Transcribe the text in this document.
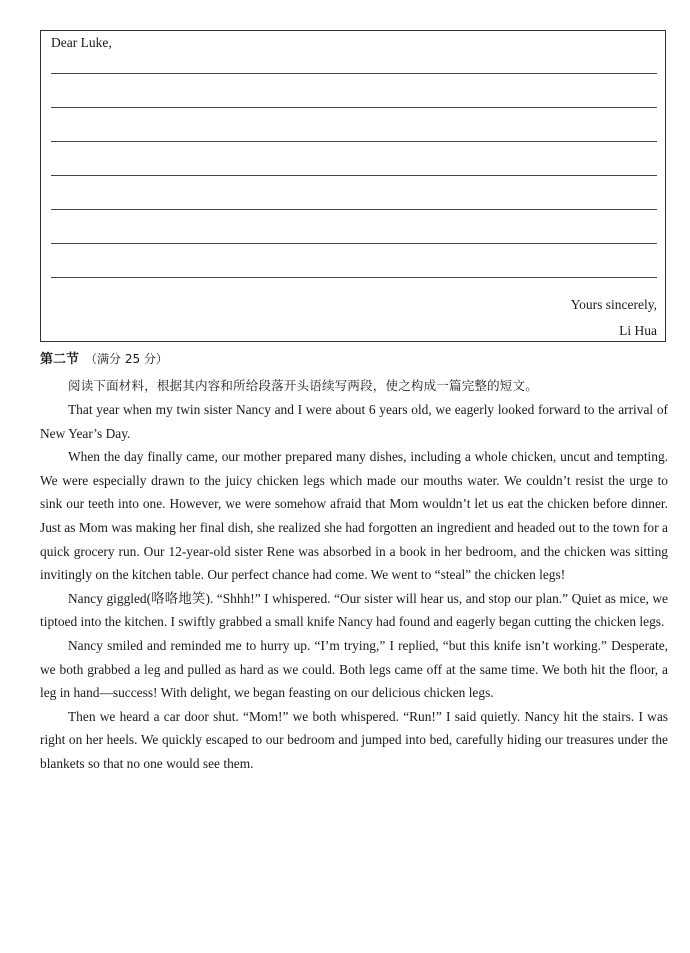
Dear Luke,
Yours sincerely,
Li Hua
第二节 （满分 25 分）
阅读下面材料，根据其内容和所给段落开头语续写两段，使之构成一篇完整的短文。

That year when my twin sister Nancy and I were about 6 years old, we eagerly looked forward to the arrival of New Year’s Day.

When the day finally came, our mother prepared many dishes, including a whole chicken, uncut and tempting. We were especially drawn to the juicy chicken legs which made our mouths water. We couldn’t resist the urge to sink our teeth into one. However, we were somehow afraid that Mom wouldn’t let us eat the chicken before dinner. Just as Mom was making her final dish, she realized she had forgotten an ingredient and headed out to the town for a quick grocery run. Our 12-year-old sister Rene was absorbed in a book in her bedroom, and the chicken was sitting invitingly on the kitchen table. Our perfect chance had come. We went to “steal” the chicken legs!

Nancy giggled(咯咯地笑). “Shhh!” I whispered. “Our sister will hear us, and stop our plan.” Quiet as mice, we tiptoed into the kitchen. I swiftly grabbed a small knife Nancy had found and eagerly began cutting the chicken legs.

Nancy smiled and reminded me to hurry up. “I’m trying,” I replied, “but this knife isn’t working.” Desperate, we both grabbed a leg and pulled as hard as we could. Both legs came off at the same time. We both hit the floor, a leg in hand—success! With delight, we began feasting on our delicious chicken legs.

Then we heard a car door shut. “Mom!” we both whispered. “Run!” I said quietly. Nancy hit the stairs. I was right on her heels. We quickly escaped to our bedroom and jumped into bed, carefully hiding our treasures under the blankets so that no one would see them.
